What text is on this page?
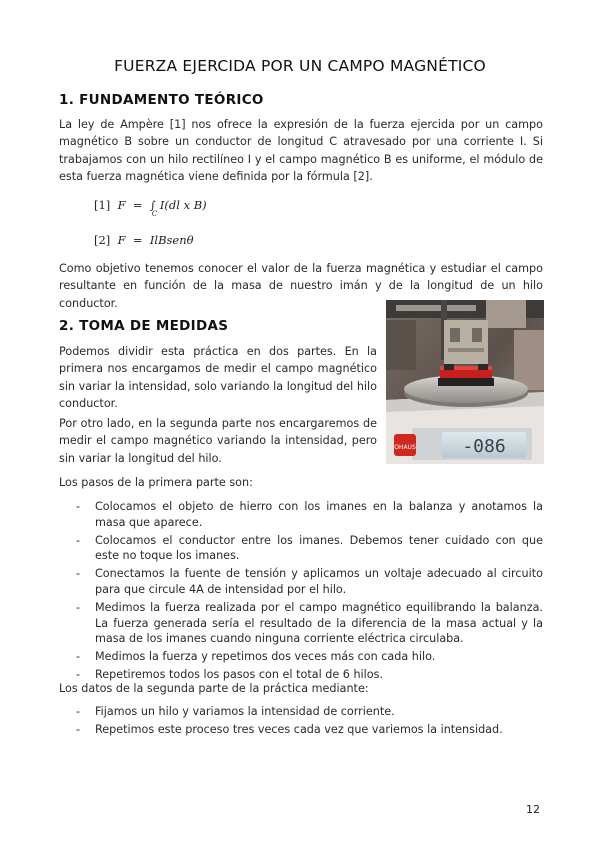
FUERZA EJERCIDA POR UN CAMPO MAGNÉTICO
1. FUNDAMENTO TEÓRICO
La ley de Ampère [1] nos ofrece la expresión de la fuerza ejercida por un campo magnético B sobre un conductor de longitud C atravesado por una corriente I. Si trabajamos con un hilo rectilíneo I y el campo magnético B es uniforme, el módulo de esta fuerza magnética viene definida por la fórmula [2].
[1] F = ∫
C
I(dl x B)
[2] F = IlBsenθ
Como objetivo tenemos conocer el valor de la fuerza magnética y estudiar el campo resultante en función de la masa de nuestro imán y de la longitud de un hilo conductor.
2. TOMA DE MEDIDAS
Podemos dividir esta práctica en dos partes. En la primera nos encargamos de medir el campo magnético sin variar la intensidad, solo variando la longitud del hilo conductor.
Por otro lado, en la segunda parte nos encargaremos de medir el campo magnético variando la intensidad, pero sin variar la longitud del hilo.
-086
OHAUS
Los pasos de la primera parte son:
- Colocamos el objeto de hierro con los imanes en la balanza y anotamos la masa que aparece.
- Colocamos el conductor entre los imanes. Debemos tener cuidado con que este no toque los imanes.
- Conectamos la fuente de tensión y aplicamos un voltaje adecuado al circuito para que circule 4A de intensidad por el hilo.
- Medimos la fuerza realizada por el campo magnético equilibrando la balanza. La fuerza generada sería el resultado de la diferencia de la masa actual y la masa de los imanes cuando ninguna corriente eléctrica circulaba.
- Medimos la fuerza y repetimos dos veces más con cada hilo.
- Repetiremos todos los pasos con el total de 6 hilos.
Los datos de la segunda parte de la práctica mediante:
- Fijamos un hilo y variamos la intensidad de corriente.
- Repetimos este proceso tres veces cada vez que variemos la intensidad.
12
